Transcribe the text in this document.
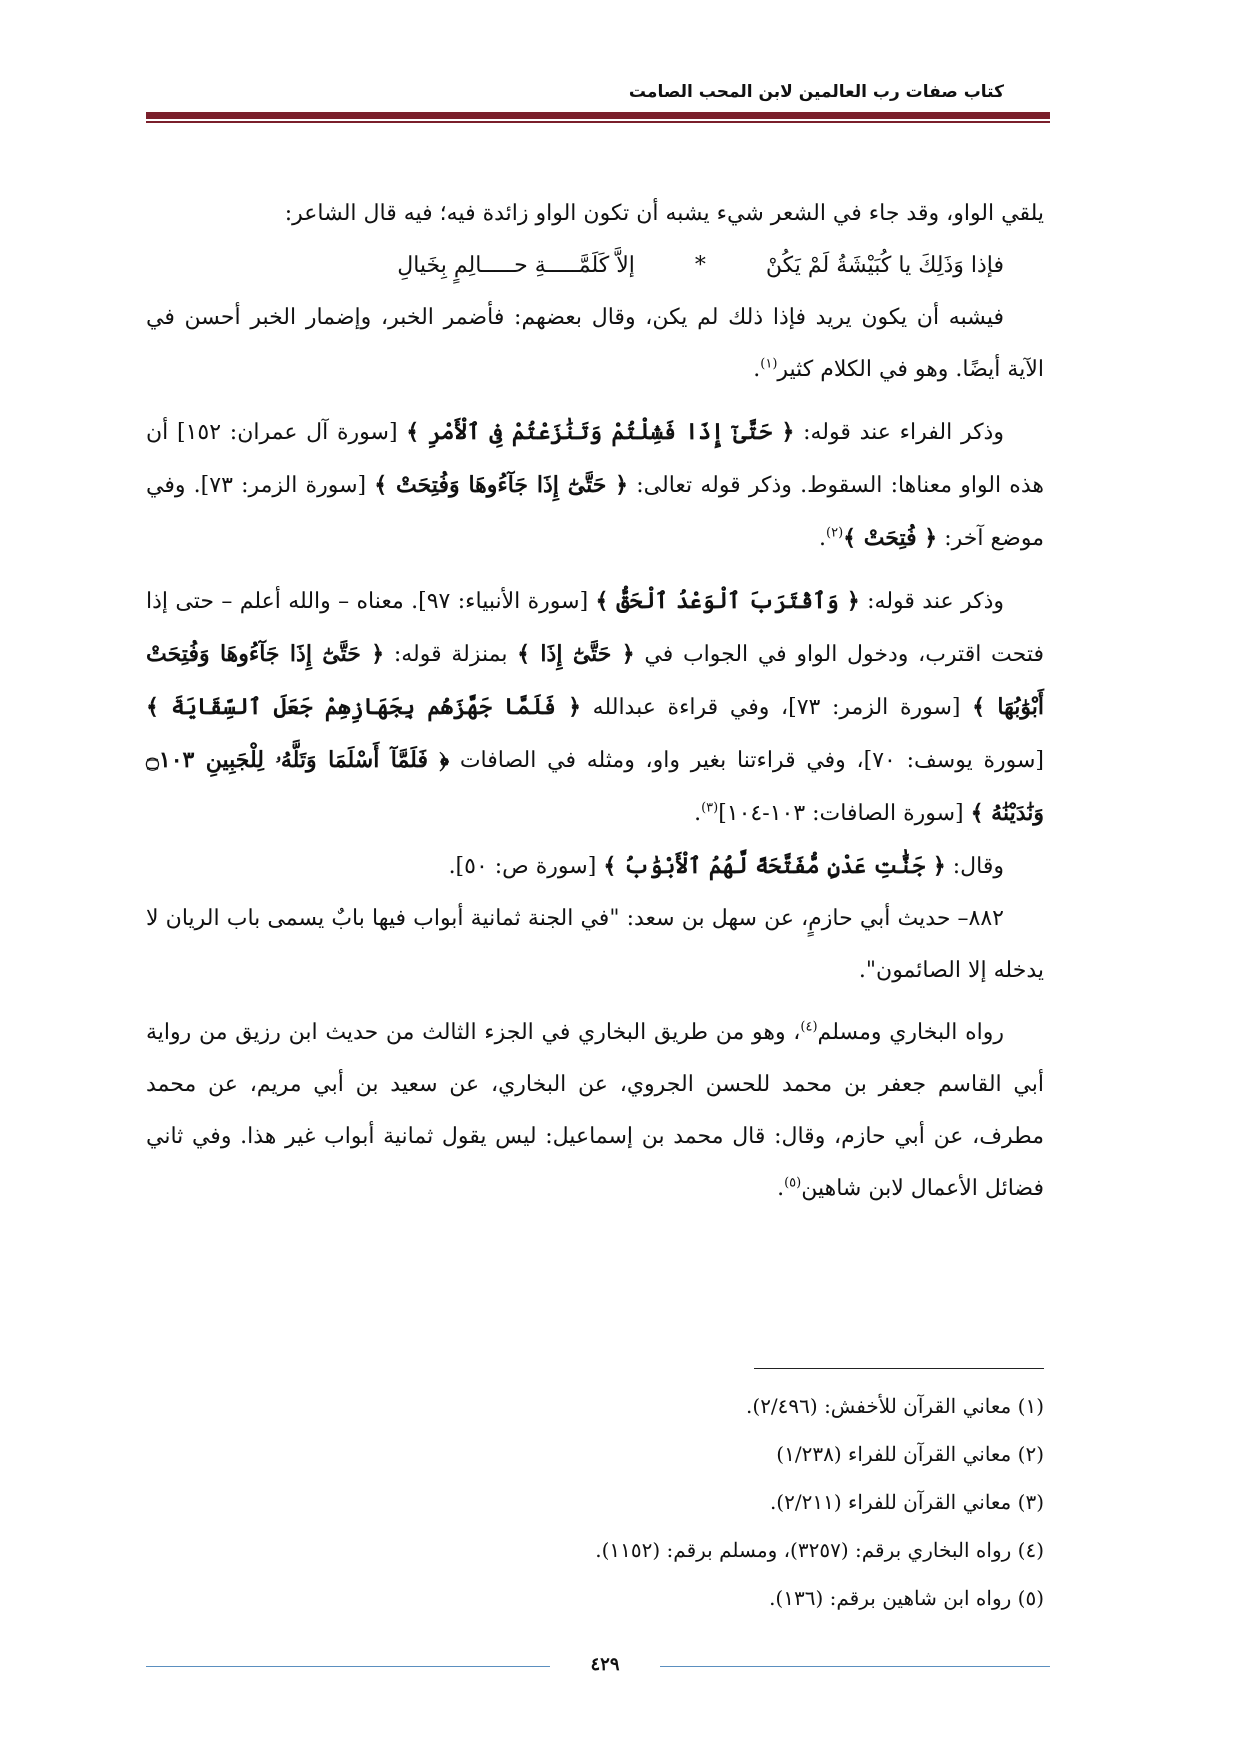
كتاب صفات رب العالمين لابن المحب الصامت

يلقي الواو، وقد جاء في الشعر شيء يشبه أن تكون الواو زائدة فيه؛ فيه قال الشاعر:

فإذا وَذَلِكَ يا كُبَيْشَةُ لَمْ يَكُنْ
*
إلاَّ كَلَمَّـــــةِ حـــــالِمٍ بِخَيالِ

فيشبه أن يكون يريد فإذا ذلك لم يكن، وقال بعضهم: فأضمر الخبر، وإضمار الخبر أحسن في الآية أيضًا. وهو في الكلام كثير$^{(١)}$.

وذكر الفراء عند قوله: ﴿ حَتَّىٰٓ إِذَا فَشِلْتُمْ وَتَنَٰزَعْتُمْ فِى ٱلْأَمْرِ ﴾ [سورة آل عمران: ١٥٢] أن هذه الواو معناها: السقوط. وذكر قوله تعالى: ﴿ حَتَّىٰٓ إِذَا جَآءُوهَا وَفُتِحَتْ ﴾ [سورة الزمر: ٧٣]. وفي موضع آخر: ﴿ فُتِحَتْ ﴾$^{(٢)}$.

وذكر عند قوله: ﴿ وَٱقْتَرَبَ ٱلْوَعْدُ ٱلْحَقُّ ﴾ [سورة الأنبياء: ٩٧]. معناه – والله أعلم – حتى إذا فتحت اقترب، ودخول الواو في الجواب في ﴿ حَتَّىٰٓ إِذَا ﴾ بمنزلة قوله: ﴿ حَتَّىٰٓ إِذَا جَآءُوهَا وَفُتِحَتْ أَبْوَٰبُهَا ﴾ [سورة الزمر: ٧٣]، وفي قراءة عبدالله ﴿ فَلَمَّا جَهَّزَهُم بِجَهَازِهِمْ جَعَلَ ٱلسِّقَايَةَ ﴾ [سورة يوسف: ٧٠]، وفي قراءتنا بغير واو، ومثله في الصافات ﴿ فَلَمَّآ أَسْلَمَا وَتَلَّهُۥ لِلْجَبِينِ ۝١٠٣ وَنَٰدَيْنَٰهُ ﴾ [سورة الصافات: ١٠٣-١٠٤]$^{(٣)}$.

وقال: ﴿ جَنَّٰتِ عَدْنٍ مُّفَتَّحَةً لَّهُمُ ٱلْأَبْوَٰبُ ﴾ [سورة ص: ٥٠].

٨٨٢– حديث أبي حازمٍ، عن سهل بن سعد: "في الجنة ثمانية أبواب فيها بابٌ يسمى باب الريان لا يدخله إلا الصائمون".

رواه البخاري ومسلم$^{(٤)}$، وهو من طريق البخاري في الجزء الثالث من حديث ابن رزيق من رواية أبي القاسم جعفر بن محمد للحسن الجروي، عن البخاري، عن سعيد بن أبي مريم، عن محمد مطرف، عن أبي حازم، وقال: قال محمد بن إسماعيل: ليس يقول ثمانية أبواب غير هذا. وفي ثاني فضائل الأعمال لابن شاهين$^{(٥)}$.

(١) معاني القرآن للأخفش: (٢/٤٩٦).

(٢) معاني القرآن للفراء (١/٢٣٨)

(٣) معاني القرآن للفراء (٢/٢١١).

(٤) رواه البخاري برقم: (٣٢٥٧)، ومسلم برقم: (١١٥٢).

(٥) رواه ابن شاهين برقم: (١٣٦).

٤٢٩
